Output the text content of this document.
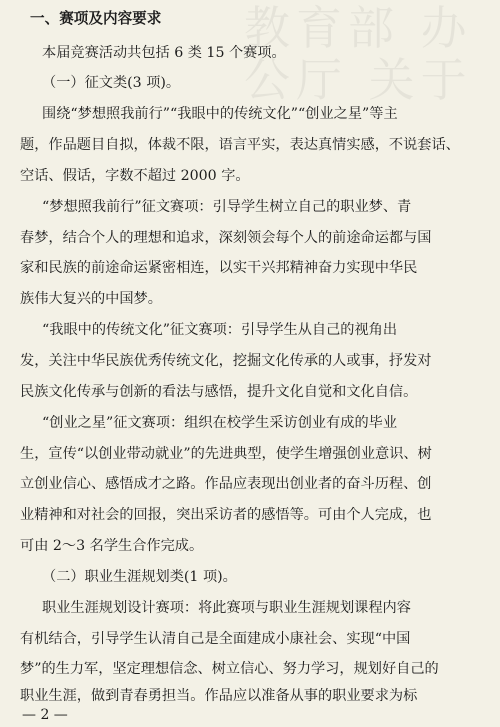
教育部 办公厅 关于
一、赛项及内容要求
本届竞赛活动共包括 6 类 15 个赛项。
（一）征文类(3 项)。
围绕“梦想照我前行”“我眼中的传统文化”“创业之星”等主
题，作品题目自拟，体裁不限，语言平实，表达真情实感，不说套话、
空话、假话，字数不超过 2000 字。
“梦想照我前行”征文赛项：引导学生树立自己的职业梦、青
春梦，结合个人的理想和追求，深刻领会每个人的前途命运都与国
家和民族的前途命运紧密相连，以实干兴邦精神奋力实现中华民
族伟大复兴的中国梦。
“我眼中的传统文化”征文赛项：引导学生从自己的视角出
发，关注中华民族优秀传统文化，挖掘文化传承的人或事，抒发对
民族文化传承与创新的看法与感悟，提升文化自觉和文化自信。
“创业之星”征文赛项：组织在校学生采访创业有成的毕业
生，宣传“以创业带动就业”的先进典型，使学生增强创业意识、树
立创业信心、感悟成才之路。作品应表现出创业者的奋斗历程、创
业精神和对社会的回报，突出采访者的感悟等。可由个人完成，也
可由 2～3 名学生合作完成。
（二）职业生涯规划类(1 项)。
职业生涯规划设计赛项：将此赛项与职业生涯规划课程内容
有机结合，引导学生认清自己是全面建成小康社会、实现“中国
梦”的生力军，坚定理想信念、树立信心、努力学习，规划好自己的
职业生涯，做到青春勇担当。作品应以准备从事的职业要求为标
— 2 —
